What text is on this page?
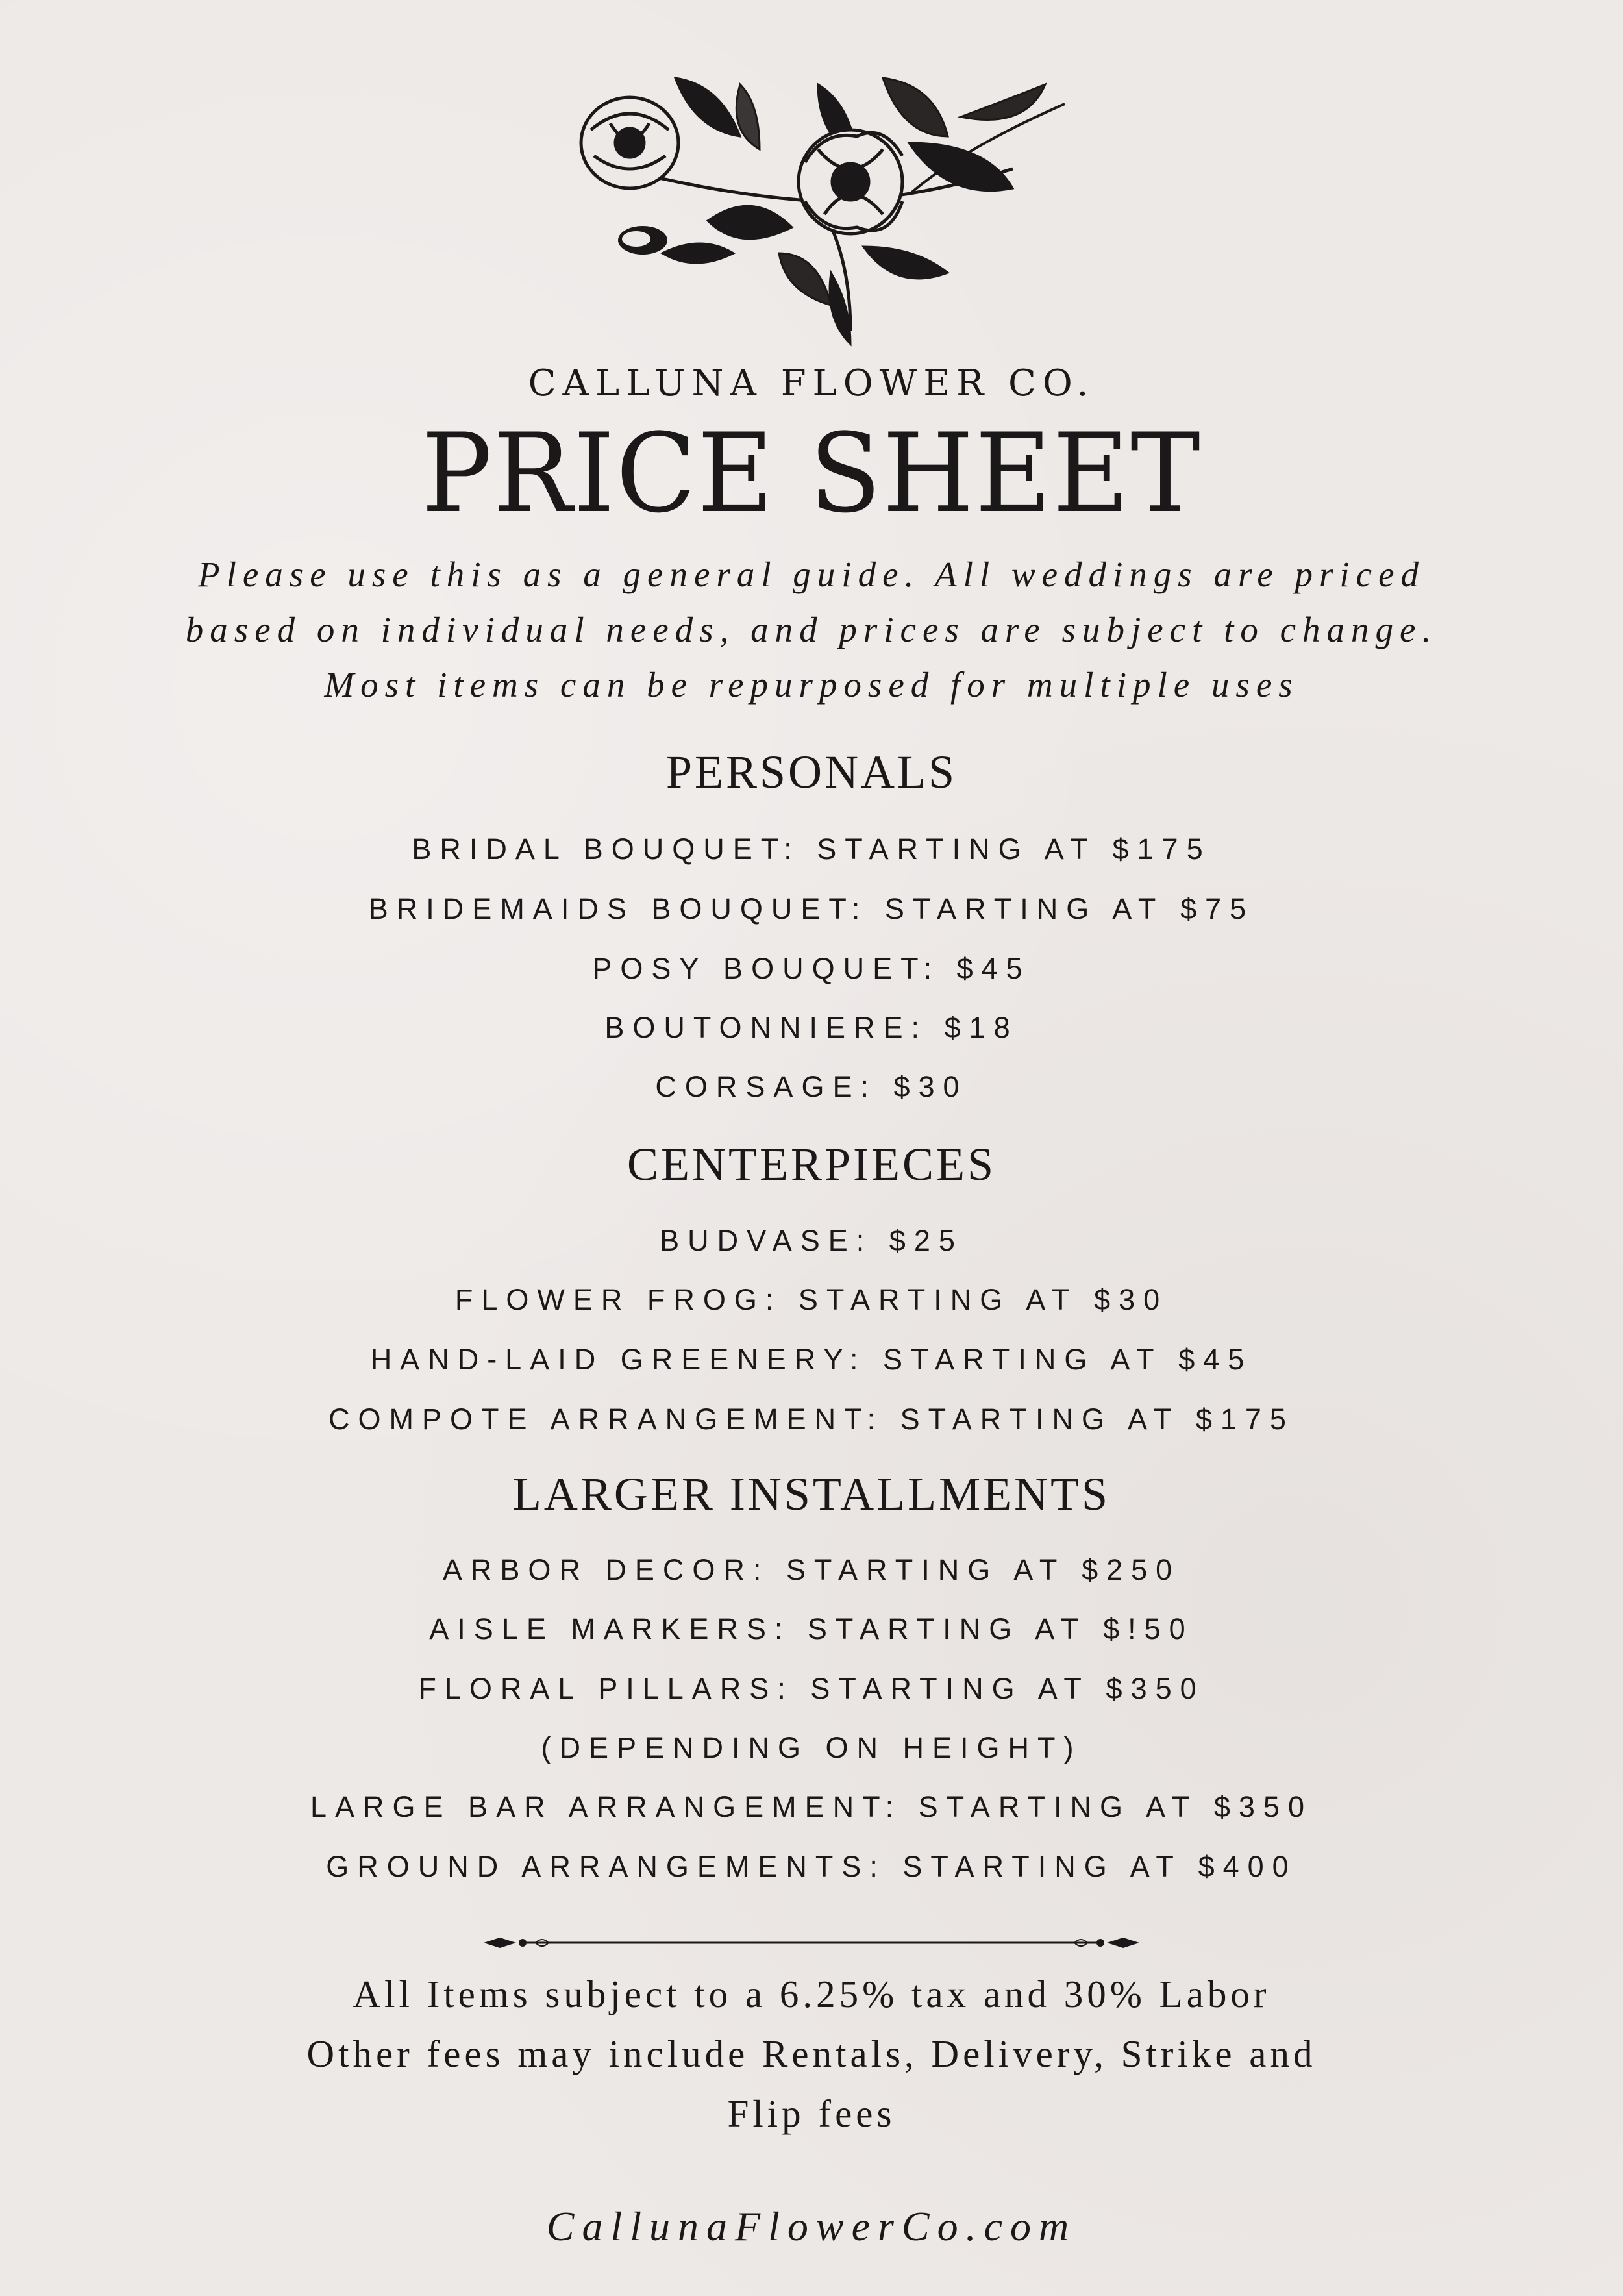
CALLUNA FLOWER CO.
PRICE SHEET
Please use this as a general guide. All weddings are priced
based on individual needs, and prices are subject to change.
Most items can be repurposed for multiple uses
PERSONALS
BRIDAL BOUQUET: STARTING AT $175
BRIDEMAIDS BOUQUET: STARTING AT $75
POSY BOUQUET: $45
BOUTONNIERE: $18
CORSAGE: $30
CENTERPIECES
BUDVASE: $25
FLOWER FROG: STARTING AT $30
HAND-LAID GREENERY: STARTING AT $45
COMPOTE ARRANGEMENT: STARTING AT $175
LARGER INSTALLMENTS
ARBOR DECOR: STARTING AT $250
AISLE MARKERS: STARTING AT $!50
FLORAL PILLARS: STARTING AT $350
(DEPENDING ON HEIGHT)
LARGE BAR ARRANGEMENT: STARTING AT $350
GROUND ARRANGEMENTS: STARTING AT $400
All Items subject to a 6.25% tax and 30% Labor
Other fees may include Rentals, Delivery, Strike and
Flip fees
CallunaFlowerCo.com
